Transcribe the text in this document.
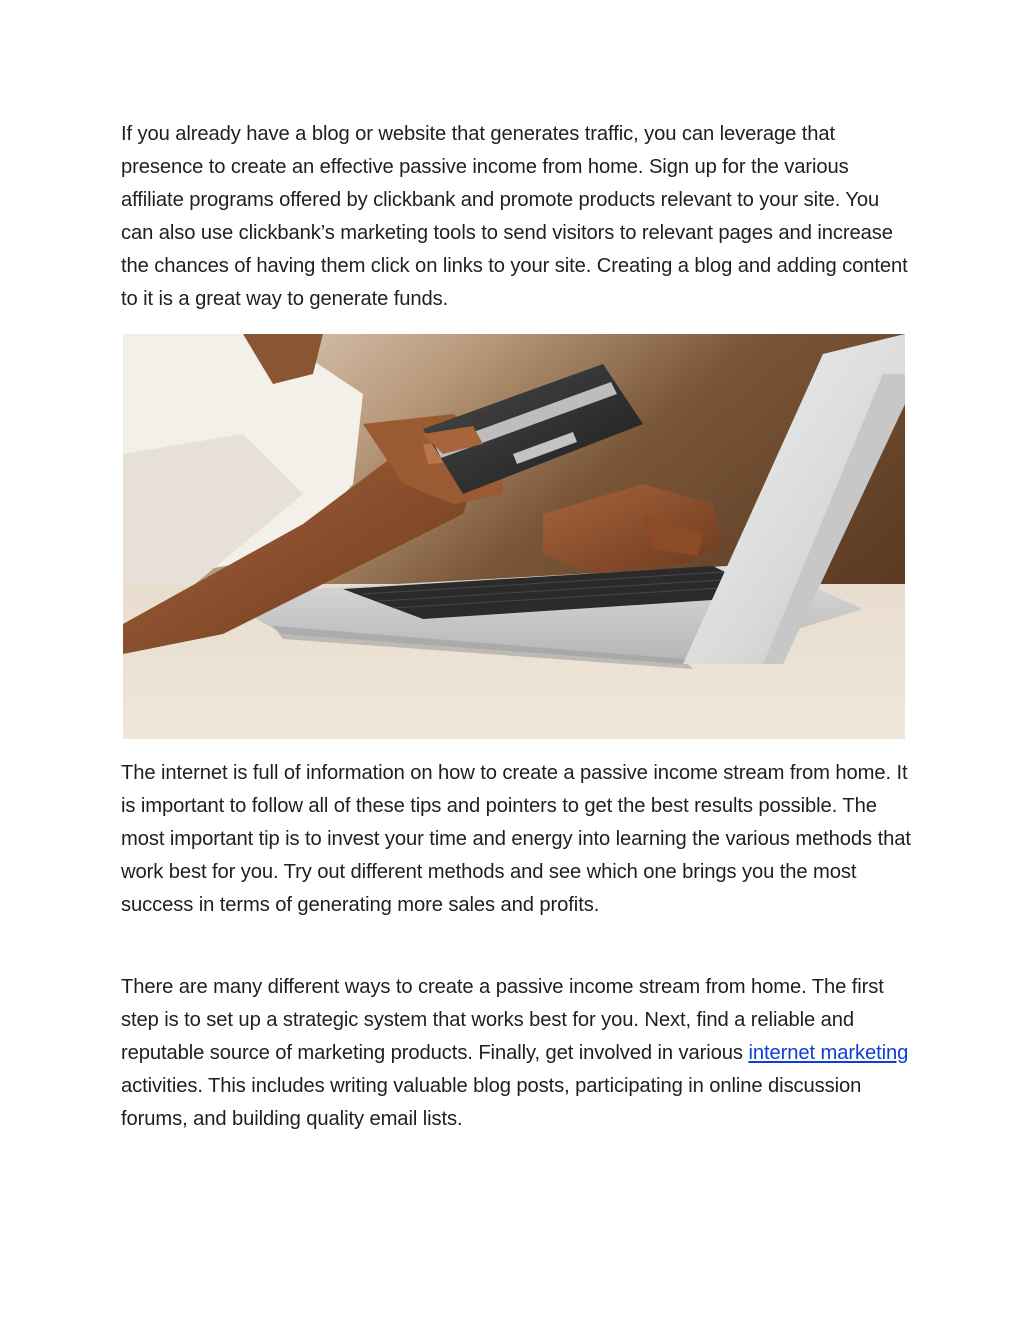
If you already have a blog or website that generates traffic, you can leverage that presence to create an effective passive income from home. Sign up for the various affiliate programs offered by clickbank and promote products relevant to your site. You can also use clickbank’s marketing tools to send visitors to relevant pages and increase the chances of having them click on links to your site. Creating a blog and adding content to it is a great way to generate funds.

The internet is full of information on how to create a passive income stream from home. It is important to follow all of these tips and pointers to get the best results possible. The most important tip is to invest your time and energy into learning the various methods that work best for you. Try out different methods and see which one brings you the most success in terms of generating more sales and profits.

There are many different ways to create a passive income stream from home. The first step is to set up a strategic system that works best for you. Next, find a reliable and reputable source of marketing products. Finally, get involved in various internet marketing activities. This includes writing valuable blog posts, participating in online discussion forums, and building quality email lists.
